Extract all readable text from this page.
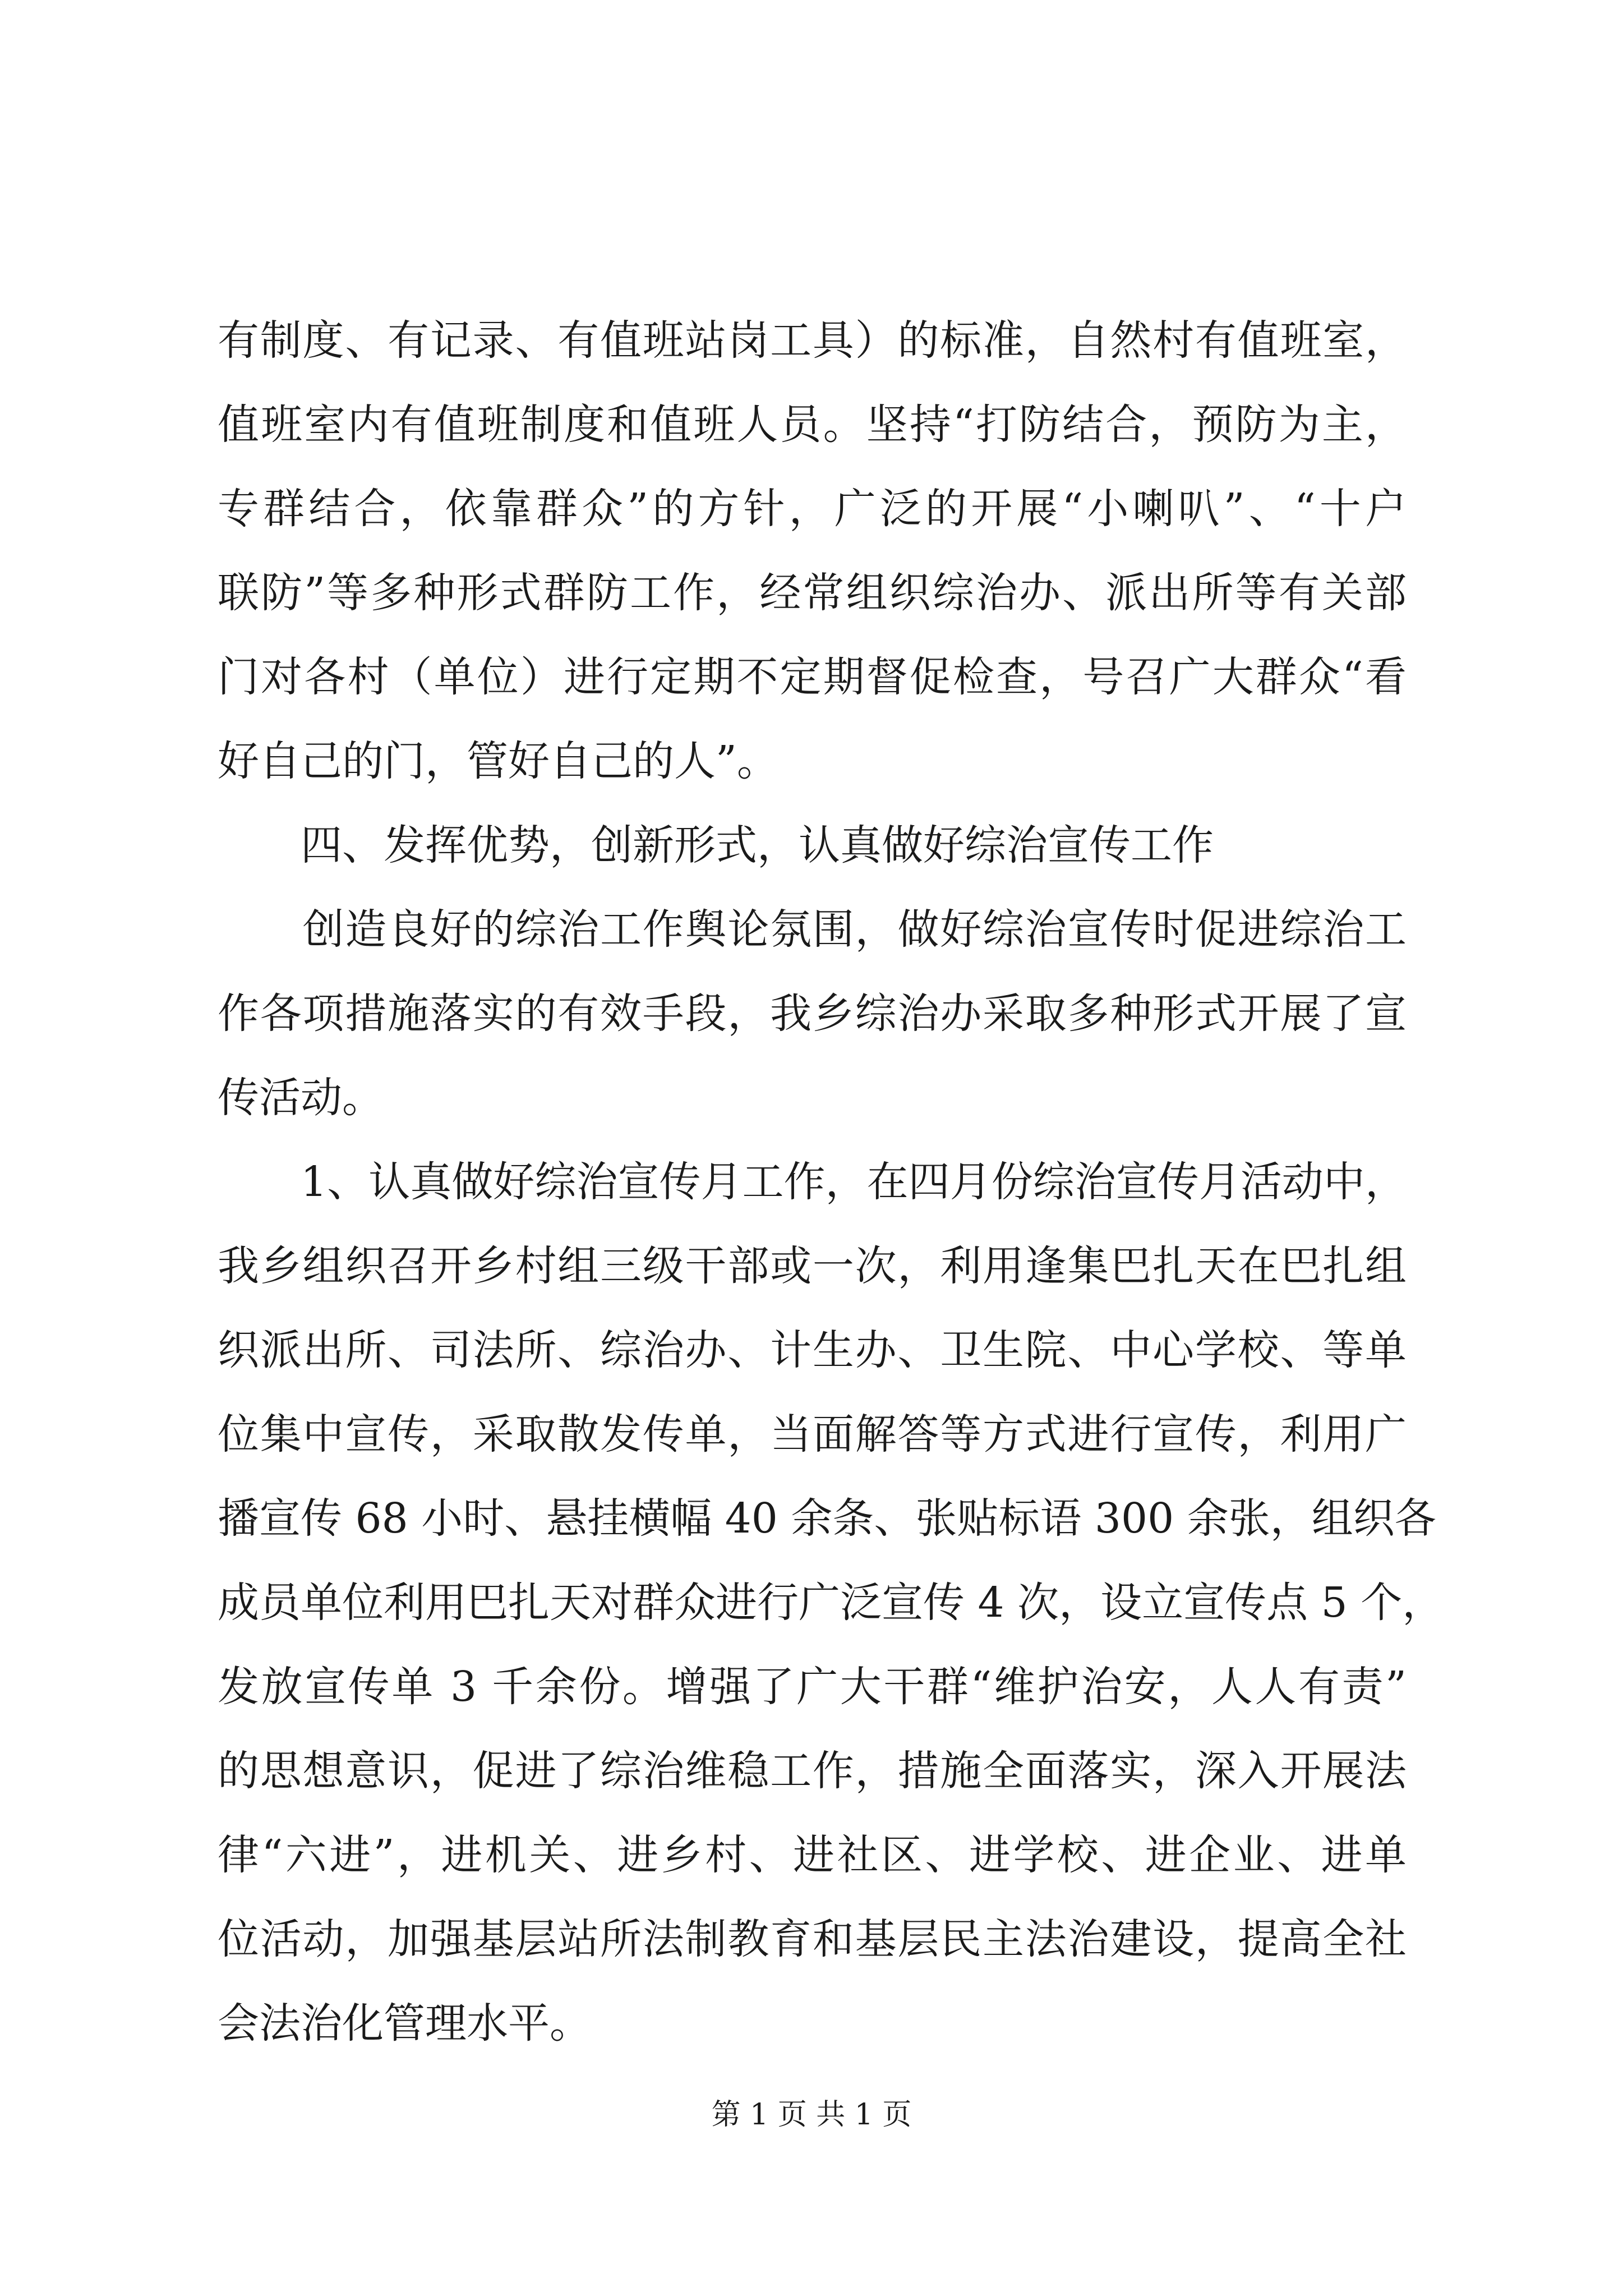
有制度、有记录、有值班站岗工具）的标准，自然村有值班室，
值班室内有值班制度和值班人员。坚持“打防结合，预防为主，
专群结合，依靠群众”的方针，广泛的开展“小喇叭”、“十户
联防”等多种形式群防工作，经常组织综治办、派出所等有关部
门对各村（单位）进行定期不定期督促检查，号召广大群众“看
好自己的门，管好自己的人”。
　　四、发挥优势，创新形式，认真做好综治宣传工作
　　创造良好的综治工作舆论氛围，做好综治宣传时促进综治工
作各项措施落实的有效手段，我乡综治办采取多种形式开展了宣
传活动。
　　1、认真做好综治宣传月工作，在四月份综治宣传月活动中，
我乡组织召开乡村组三级干部或一次，利用逢集巴扎天在巴扎组
织派出所、司法所、综治办、计生办、卫生院、中心学校、等单
位集中宣传，采取散发传单，当面解答等方式进行宣传，利用广
播宣传 68 小时、悬挂横幅 40 余条、张贴标语 300 余张，组织各
成员单位利用巴扎天对群众进行广泛宣传 4 次，设立宣传点 5 个，
发放宣传单 3 千余份。增强了广大干群“维护治安，人人有责”
的思想意识，促进了综治维稳工作，措施全面落实，深入开展法
律“六进”，进机关、进乡村、进社区、进学校、进企业、进单
位活动，加强基层站所法制教育和基层民主法治建设，提高全社
会法治化管理水平。
第 1 页 共 1 页
